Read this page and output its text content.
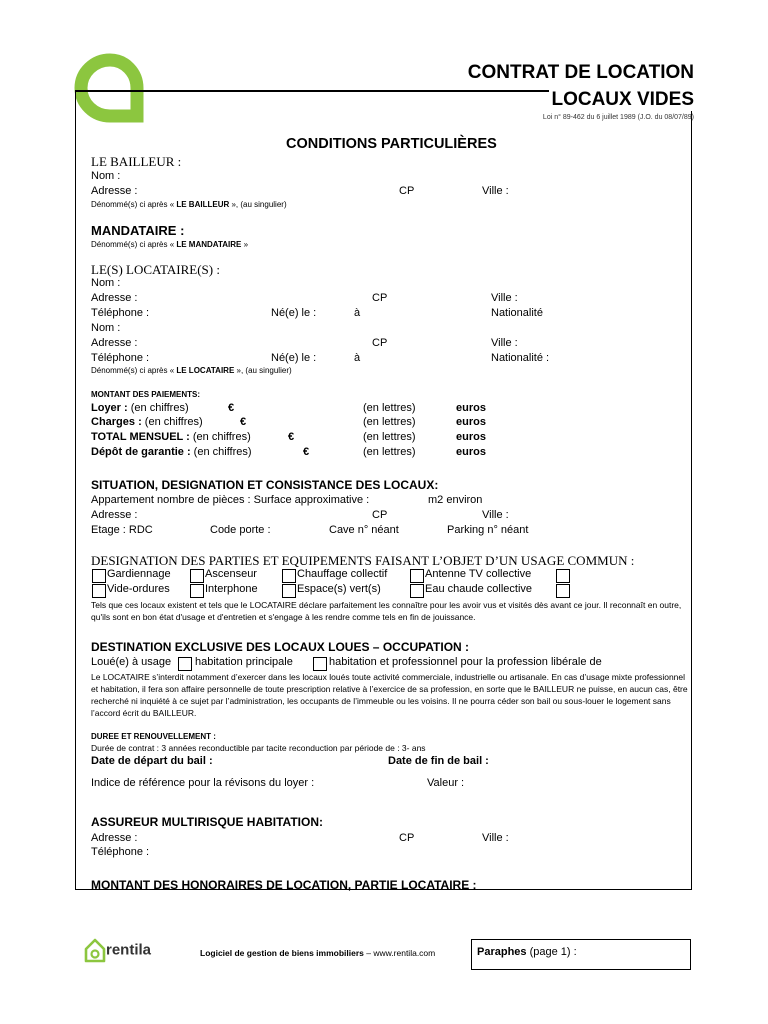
CONTRAT DE LOCATION
LOCAUX VIDES
Loi n° 89-462 du 6 juillet 1989 (J.O. du 08/07/89)
CONDITIONS PARTICULIÈRES
LE BAILLEUR :
Nom :
Adresse :	CP	Ville :
Dénommé(s) ci après « LE BAILLEUR », (au singulier)
MANDATAIRE :
Dénommé(s) ci après « LE MANDATAIRE »
LE(S) LOCATAIRE(S) :
Nom :
Adresse :	CP	Ville :
Téléphone :	Né(e) le :	à	Nationalité
Nom :
Adresse :	CP	Ville :
Téléphone :	Né(e) le :	à	Nationalité :
Dénommé(s) ci après « LE LOCATAIRE », (au singulier)
MONTANT DES PAIEMENTS:
Loyer : (en chiffres)	€	(en lettres)	euros
Charges : (en chiffres)	€	(en lettres)	euros
TOTAL MENSUEL : (en chiffres)	€	(en lettres)	euros
Dépôt de garantie : (en chiffres)	€	(en lettres)	euros
SITUATION, DESIGNATION ET CONSISTANCE DES LOCAUX:
Appartement nombre de pièces : Surface approximative :	m2 environ
Adresse :	CP	Ville :
Etage : RDC	Code porte :	Cave n° néant	Parking n° néant
DESIGNATION DES PARTIES ET EQUIPEMENTS FAISANT L’OBJET D’UN USAGE COMMUN :
Gardiennage	Ascenseur	Chauffage collectif	Antenne TV collective
Vide-ordures	Interphone	Espace(s) vert(s)	Eau chaude collective
Tels que ces locaux existent et tels que le LOCATAIRE déclare parfaitement les connaître pour les avoir vus et visités dès avant ce jour. Il reconnaît en outre, qu'ils sont en bon état d'usage et d'entretien et s'engage à les rendre comme tels en fin de jouissance.
DESTINATION EXCLUSIVE DES LOCAUX LOUES – OCCUPATION :
Loué(e) à usage habitation principale	habitation et professionnel pour la profession libérale de
Le LOCATAIRE s’interdit notamment d’exercer dans les locaux loués toute activité commerciale, industrielle ou artisanale. En cas d’usage mixte professionnel et habitation, il fera son affaire personnelle de toute prescription relative à l’exercice de sa profession, en sorte que le BAILLEUR ne puisse, en aucun cas, être recherché ni inquiété à ce sujet par l’administration, les occupants de l’immeuble ou les voisins. Il ne pourra céder son bail ou sous-louer le logement sans l’accord écrit du BAILLEUR.
DUREE ET RENOUVELLEMENT :
Durée de contrat : 3 années reconductible par tacite reconduction par période de : 3- ans
Date de départ du bail :	Date de fin de bail :
Indice de référence pour la révisons du loyer :	Valeur :
ASSUREUR MULTIRISQUE HABITATION:
Adresse :	CP	Ville :
Téléphone :
MONTANT DES HONORAIRES DE LOCATION, PARTIE LOCATAIRE :
rentila	Logiciel de gestion de biens immobiliers – www.rentila.com	Paraphes (page 1) :
